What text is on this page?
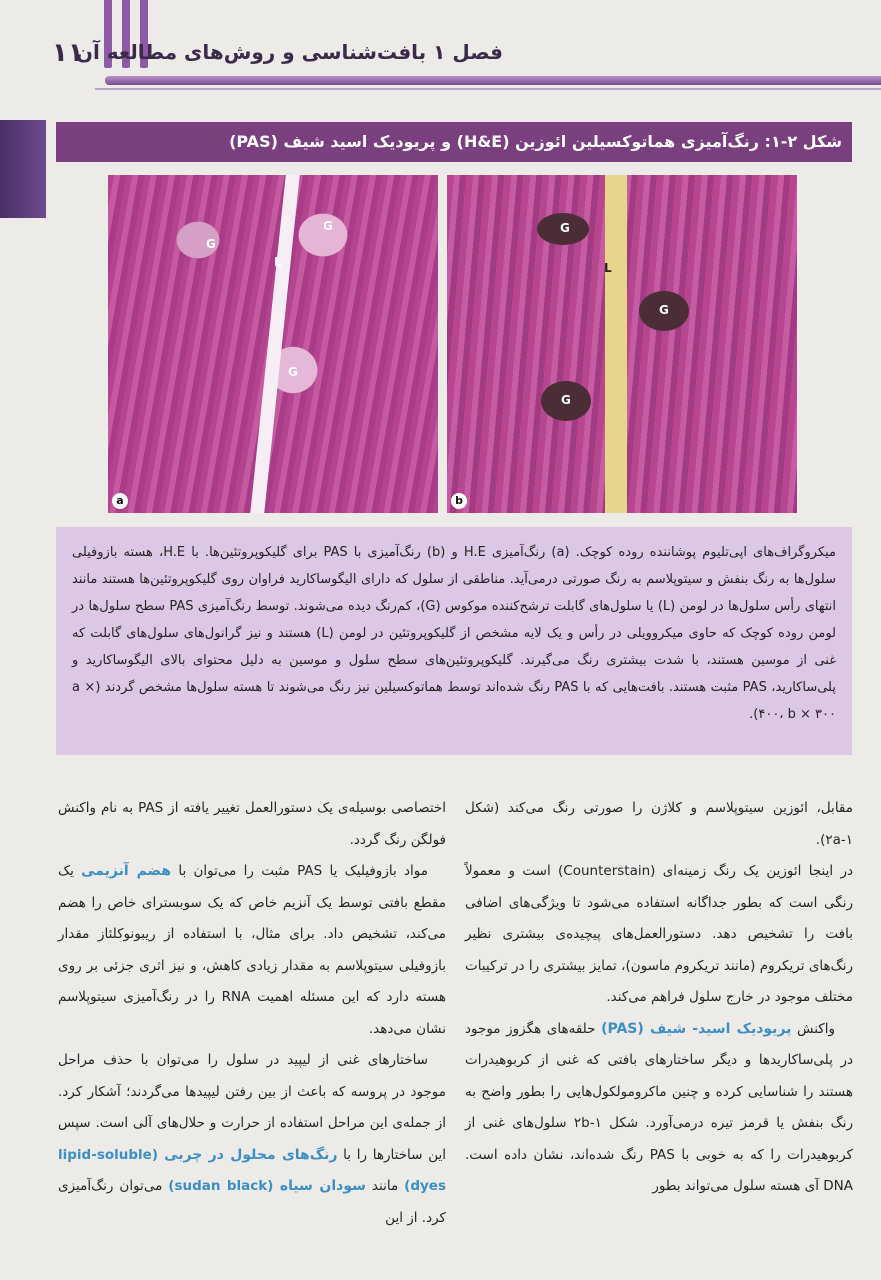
۱۱
فصل ۱ بافت‌شناسی و روش‌های مطالعه آن
شکل ۲-۱: رنگ‌آمیزی هماتوکسیلین ائوزین (H&E) و پریودیک اسید شیف (PAS)
G
L
G
G
a
G
L
G
G
b
میکروگراف‌های اپی‌تلیوم پوشاننده روده کوچک. (a) رنگ‌آمیزی H.E و (b) رنگ‌آمیزی با PAS برای گلیکوپروتئین‌ها. با H.E، هسته بازوفیلی سلول‌ها به رنگ بنفش و سیتوپلاسم به رنگ صورتی درمی‌آید. مناطقی از سلول که دارای الیگوساکارید فراوان روی گلیکوپروتئین‌ها هستند مانند انتهای رأس سلول‌ها در لومن (L) یا سلول‌های گابلت ترشح‌کننده موکوس (G)، کم‌رنگ دیده می‌شوند. توسط رنگ‌آمیزی PAS سطح سلول‌ها در لومن روده کوچک که حاوی میکروویلی در رأس و یک لایه مشخص از گلیکوپروتئین در لومن (L) هستند و نیز گرانول‌های سلول‌های گابلت که غنی از موسین هستند، با شدت بیشتری رنگ می‌گیرند. گلیکوپروتئین‌های سطح سلول و موسین به دلیل محتوای بالای الیگوساکارید و پلی‌ساکارید، PAS مثبت هستند. بافت‌هایی که با PAS رنگ شده‌اند توسط هماتوکسیلین نیز رنگ می‌شوند تا هسته سلول‌ها مشخص گردند (a × ۴۰۰، b × ۳۰۰).

مقابل، ائوزین سیتوپلاسم و کلاژن را صورتی رنگ می‌کند (شکل ۲a-۱).

در اینجا ائوزین یک رنگ زمینه‌ای (Counterstain) است و معمولاً رنگی است که بطور جداگانه استفاده می‌شود تا ویژگی‌های اضافی بافت را تشخیص دهد. دستورالعمل‌های پیچیده‌ی بیشتری نظیر رنگ‌های تریکروم (مانند تریکروم ماسون)، تمایز بیشتری را در ترکیبات مختلف موجود در خارج سلول فراهم می‌کند.

واکنش پریودیک اسید- شیف (PAS) حلقه‌های هگزوز موجود در پلی‌ساکاریدها و دیگر ساختارهای بافتی که غنی از کربوهیدرات هستند را شناسایی کرده و چنین ماکرومولکول‌هایی را بطور واضح به رنگ بنفش یا قرمز تیره درمی‌آورد. شکل ۲b-۱ سلول‌های غنی از کربوهیدرات را که به خوبی با PAS رنگ شده‌اند، نشان داده است. DNA آی هسته سلول می‌تواند بطور

اختصاصی بوسیله‌ی یک دستورالعمل تغییر یافته از PAS به نام واکنش فولگن رنگ گردد.

مواد بازوفیلیک یا PAS مثبت را می‌توان با هضم آنزیمی یک مقطع بافتی توسط یک آنزیم خاص که یک سوبسترای خاص را هضم می‌کند، تشخیص داد. برای مثال، با استفاده از ریبونوکلئاز مقدار بازوفیلی سیتوپلاسم به مقدار زیادی کاهش، و نیز اثری جزئی بر روی هسته دارد که این مسئله اهمیت RNA را در رنگ‌آمیزی سیتوپلاسم نشان می‌دهد.

ساختارهای غنی از لیپید در سلول را می‌توان با حذف مراحل موجود در پروسه که باعث از بین رفتن لیپیدها می‌گردند؛ آشکار کرد. از جمله‌ی این مراحل استفاده از حرارت و حلال‌های آلی است. سپس این ساختارها را با رنگ‌های محلول در چربی (lipid-soluble dyes) مانند سودان سیاه (sudan black) می‌توان رنگ‌آمیزی کرد. از این
